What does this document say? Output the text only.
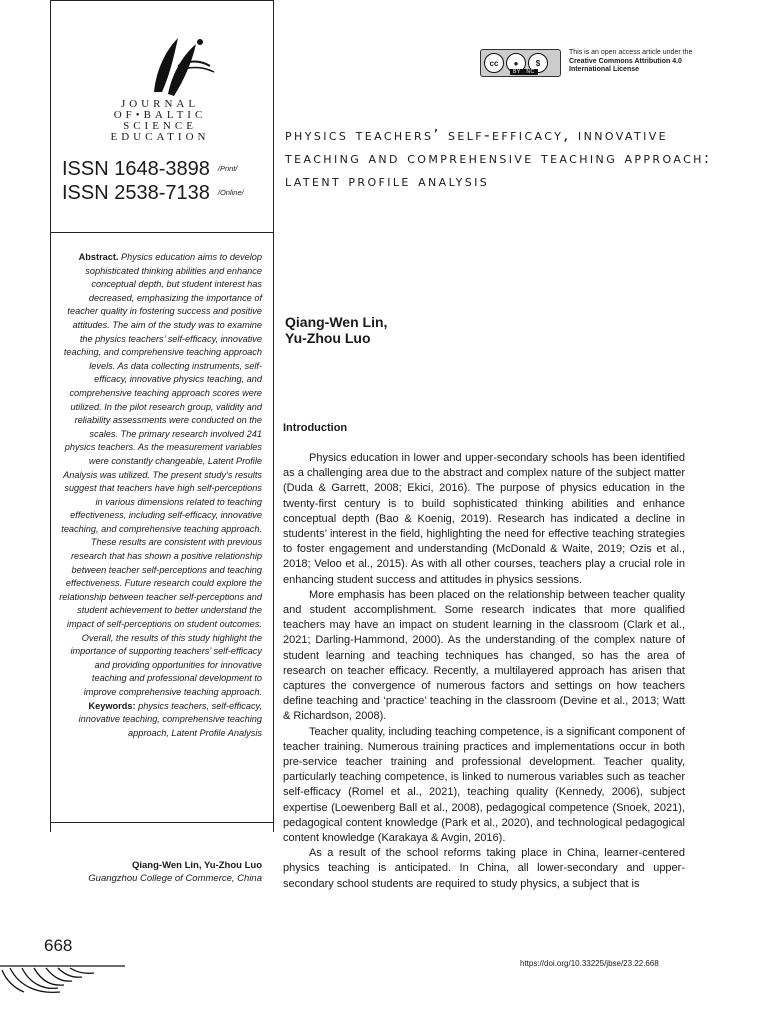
JOURNAL
OF•BALTIC
SCIENCE
EDUCATION
ISSN 1648-3898 $^{/Print/}$
ISSN 2538-7138 $^{/Online/}$
Abstract. Physics education aims to develop sophisticated thinking abilities and enhance conceptual depth, but student interest has decreased, emphasizing the importance of teacher quality in fostering success and positive attitudes. The aim of the study was to examine the physics teachers’ self-efficacy, innovative teaching, and comprehensive teaching approach levels. As data collecting instruments, self-efficacy, innovative physics teaching, and comprehensive teaching approach scores were utilized. In the pilot research group, validity and reliability assessments were conducted on the scales. The primary research involved 241 physics teachers. As the measurement variables were constantly changeable, Latent Profile Analysis was utilized. The present study's results suggest that teachers have high self-perceptions in various dimensions related to teaching effectiveness, including self-efficacy, innovative teaching, and comprehensive teaching approach. These results are consistent with previous research that has shown a positive relationship between teacher self-perceptions and teaching effectiveness. Future research could explore the relationship between teacher self-perceptions and student achievement to better understand the impact of self-perceptions on student outcomes. Overall, the results of this study highlight the importance of supporting teachers’ self-efficacy and providing opportunities for innovative teaching and professional development to improve comprehensive teaching approach.
Keywords: physics teachers, self-efficacy, innovative teaching, comprehensive teaching approach, Latent Profile Analysis
Qiang-Wen Lin, Yu-Zhou Luo
Guangzhou College of Commerce, China
668
cc	●	$
BY NC
This is an open access article under the
Creative Commons Attribution 4.0
International License
physics teachers’ self-efficacy, innovative teaching and comprehensive teaching approach: latent profile analysis
Qiang-Wen Lin,
Yu-Zhou Luo
Introduction

Physics education in lower and upper-secondary schools has been identified as a challenging area due to the abstract and complex nature of the subject matter (Duda & Garrett, 2008; Ekici, 2016). The purpose of physics education in the twenty-first century is to build sophisticated thinking abilities and enhance conceptual depth (Bao & Koenig, 2019). Research has indicated a decline in students’ interest in the field, highlighting the need for effective teaching strategies to foster engagement and understanding (McDonald & Waite, 2019; Ozis et al., 2018; Veloo et al., 2015). As with all other courses, teachers play a crucial role in enhancing student success and attitudes in physics sessions.

More emphasis has been placed on the relationship between teacher quality and student accomplishment. Some research indicates that more qualified teachers may have an impact on student learning in the classroom (Clark et al., 2021; Darling-Hammond, 2000). As the understanding of the complex nature of student learning and teaching techniques has changed, so has the area of research on teacher efficacy. Recently, a multilayered approach has arisen that captures the convergence of numerous factors and settings on how teachers define teaching and ‘practice’ teaching in the classroom (Devine et al., 2013; Watt & Richardson, 2008).

Teacher quality, including teaching competence, is a significant component of teacher training. Numerous training practices and implementations occur in both pre-service teacher training and professional development. Teacher quality, particularly teaching competence, is linked to numerous variables such as teacher self-efficacy (Romel et al., 2021), teaching quality (Kennedy, 2006), subject expertise (Loewenberg Ball et al., 2008), pedagogical competence (Snoek, 2021), pedagogical content knowledge (Park et al., 2020), and technological pedagogical content knowledge (Karakaya & Avgin, 2016).

As a result of the school reforms taking place in China, learner-centered physics teaching is anticipated. In China, all lower-secondary and upper-secondary school students are required to study physics, a subject that is

https://doi.org/10.33225/jbse/23.22.668
